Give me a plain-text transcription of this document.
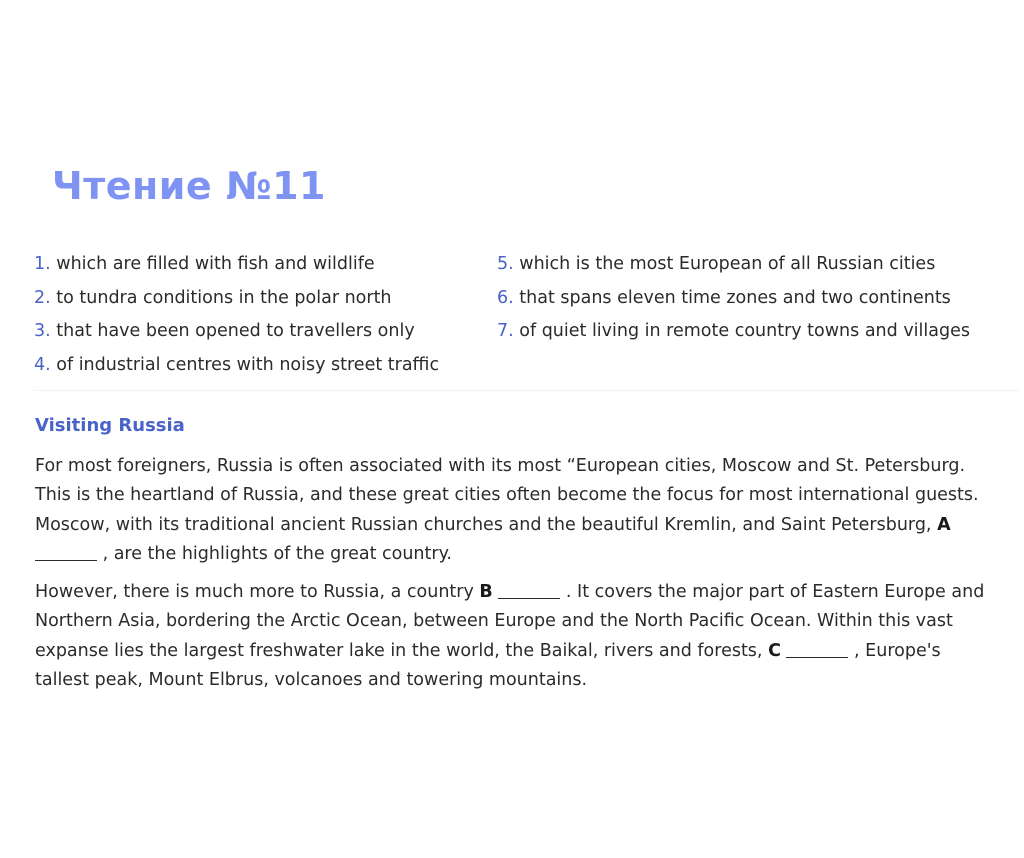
Чтение №11
1. which are filled with fish and wildlife
2. to tundra conditions in the polar north
3. that have been opened to travellers only
4. of industrial centres with noisy street traffic
5. which is the most European of all Russian cities
6. that spans eleven time zones and two continents
7. of quiet living in remote country towns and villages
Visiting Russia

For most foreigners, Russia is often associated with its most “European cities, Moscow and St. Petersburg. This is the heartland of Russia, and these great cities often become the focus for most international guests. Moscow, with its traditional ancient Russian churches and the beautiful Kremlin, and Saint Petersburg, A  , are the highlights of the great country.

However, there is much more to Russia, a country B	. It covers the major part of Eastern Europe and Northern Asia, bordering the Arctic Ocean, between Europe and the North Pacific Ocean. Within this vast expanse lies the largest freshwater lake in the world, the Baikal, rivers and forests, C	, Europe's tallest peak, Mount Elbrus, volcanoes and towering mountains.
